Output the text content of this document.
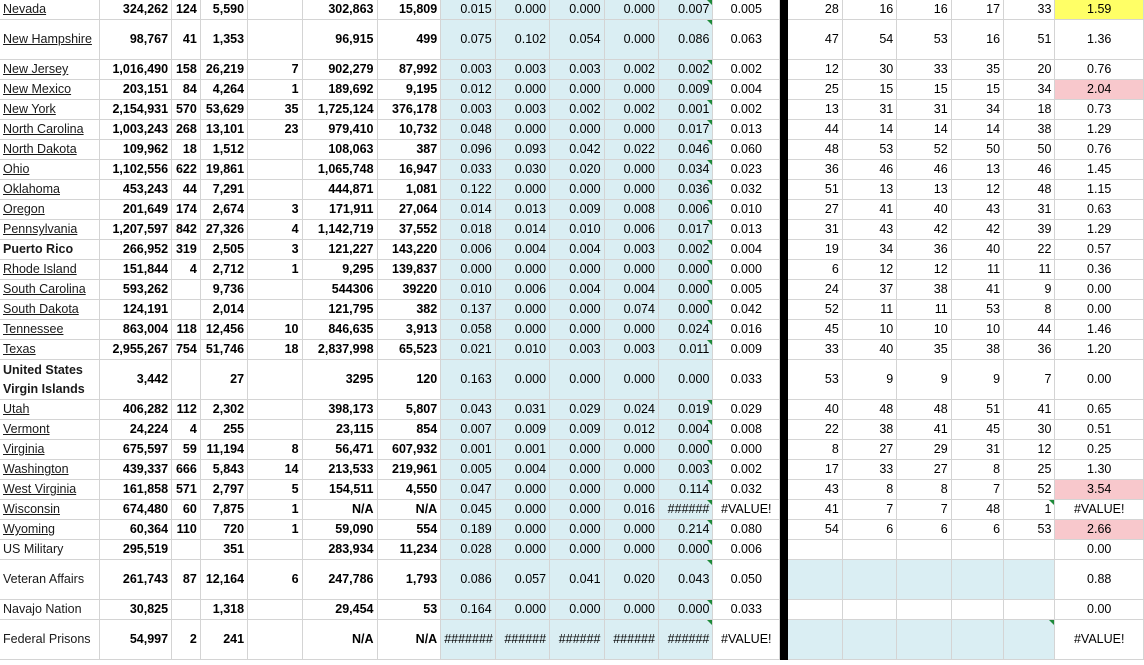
Nevada	324,262	124	5,590		302,863	15,809	0.015	0.000	0.000	0.000	0.007	0.005		28	16	16	17	33	1.59
New Hampshire	98,767	41	1,353		96,915	499	0.075	0.102	0.054	0.000	0.086	0.063		47	54	53	16	51	1.36
New Jersey	1,016,490	158	26,219	7	902,279	87,992	0.003	0.003	0.003	0.002	0.002	0.002		12	30	33	35	20	0.76
New Mexico	203,151	84	4,264	1	189,692	9,195	0.012	0.000	0.000	0.000	0.009	0.004		25	15	15	15	34	2.04
New York	2,154,931	570	53,629	35	1,725,124	376,178	0.003	0.003	0.002	0.002	0.001	0.002		13	31	31	34	18	0.73
North Carolina	1,003,243	268	13,101	23	979,410	10,732	0.048	0.000	0.000	0.000	0.017	0.013		44	14	14	14	38	1.29
North Dakota	109,962	18	1,512		108,063	387	0.096	0.093	0.042	0.022	0.046	0.060		48	53	52	50	50	0.76
Ohio	1,102,556	622	19,861		1,065,748	16,947	0.033	0.030	0.020	0.000	0.034	0.023		36	46	46	13	46	1.45
Oklahoma	453,243	44	7,291		444,871	1,081	0.122	0.000	0.000	0.000	0.036	0.032		51	13	13	12	48	1.15
Oregon	201,649	174	2,674	3	171,911	27,064	0.014	0.013	0.009	0.008	0.006	0.010		27	41	40	43	31	0.63
Pennsylvania	1,207,597	842	27,326	4	1,142,719	37,552	0.018	0.014	0.010	0.006	0.017	0.013		31	43	42	42	39	1.29
Puerto Rico	266,952	319	2,505	3	121,227	143,220	0.006	0.004	0.004	0.003	0.002	0.004		19	34	36	40	22	0.57
Rhode Island	151,844	4	2,712	1	9,295	139,837	0.000	0.000	0.000	0.000	0.000	0.000		6	12	12	11	11	0.36
South Carolina	593,262		9,736		544306	39220	0.010	0.006	0.004	0.004	0.000	0.005		24	37	38	41	9	0.00
South Dakota	124,191		2,014		121,795	382	0.137	0.000	0.000	0.074	0.000	0.042		52	11	11	53	8	0.00
Tennessee	863,004	118	12,456	10	846,635	3,913	0.058	0.000	0.000	0.000	0.024	0.016		45	10	10	10	44	1.46
Texas	2,955,267	754	51,746	18	2,837,998	65,523	0.021	0.010	0.003	0.003	0.011	0.009		33	40	35	38	36	1.20
United States Virgin Islands	3,442		27		3295	120	0.163	0.000	0.000	0.000	0.000	0.033		53	9	9	9	7	0.00
Utah	406,282	112	2,302		398,173	5,807	0.043	0.031	0.029	0.024	0.019	0.029		40	48	48	51	41	0.65
Vermont	24,224	4	255		23,115	854	0.007	0.009	0.009	0.012	0.004	0.008		22	38	41	45	30	0.51
Virginia	675,597	59	11,194	8	56,471	607,932	0.001	0.001	0.000	0.000	0.000	0.000		8	27	29	31	12	0.25
Washington	439,337	666	5,843	14	213,533	219,961	0.005	0.004	0.000	0.000	0.003	0.002		17	33	27	8	25	1.30
West Virginia	161,858	571	2,797	5	154,511	4,550	0.047	0.000	0.000	0.000	0.114	0.032		43	8	8	7	52	3.54
Wisconsin	674,480	60	7,875	1	N/A	N/A	0.045	0.000	0.000	0.016	######	#VALUE!		41	7	7	48	1	#VALUE!
Wyoming	60,364	110	720	1	59,090	554	0.189	0.000	0.000	0.000	0.214	0.080		54	6	6	6	53	2.66
US Military	295,519		351		283,934	11,234	0.028	0.000	0.000	0.000	0.000	0.006							0.00
Veteran Affairs	261,743	87	12,164	6	247,786	1,793	0.086	0.057	0.041	0.020	0.043	0.050							0.88
Navajo Nation	30,825		1,318		29,454	53	0.164	0.000	0.000	0.000	0.000	0.033							0.00
Federal Prisons	54,997	2	241		N/A	N/A	#######	######	######	######	######	#VALUE!							#VALUE!
